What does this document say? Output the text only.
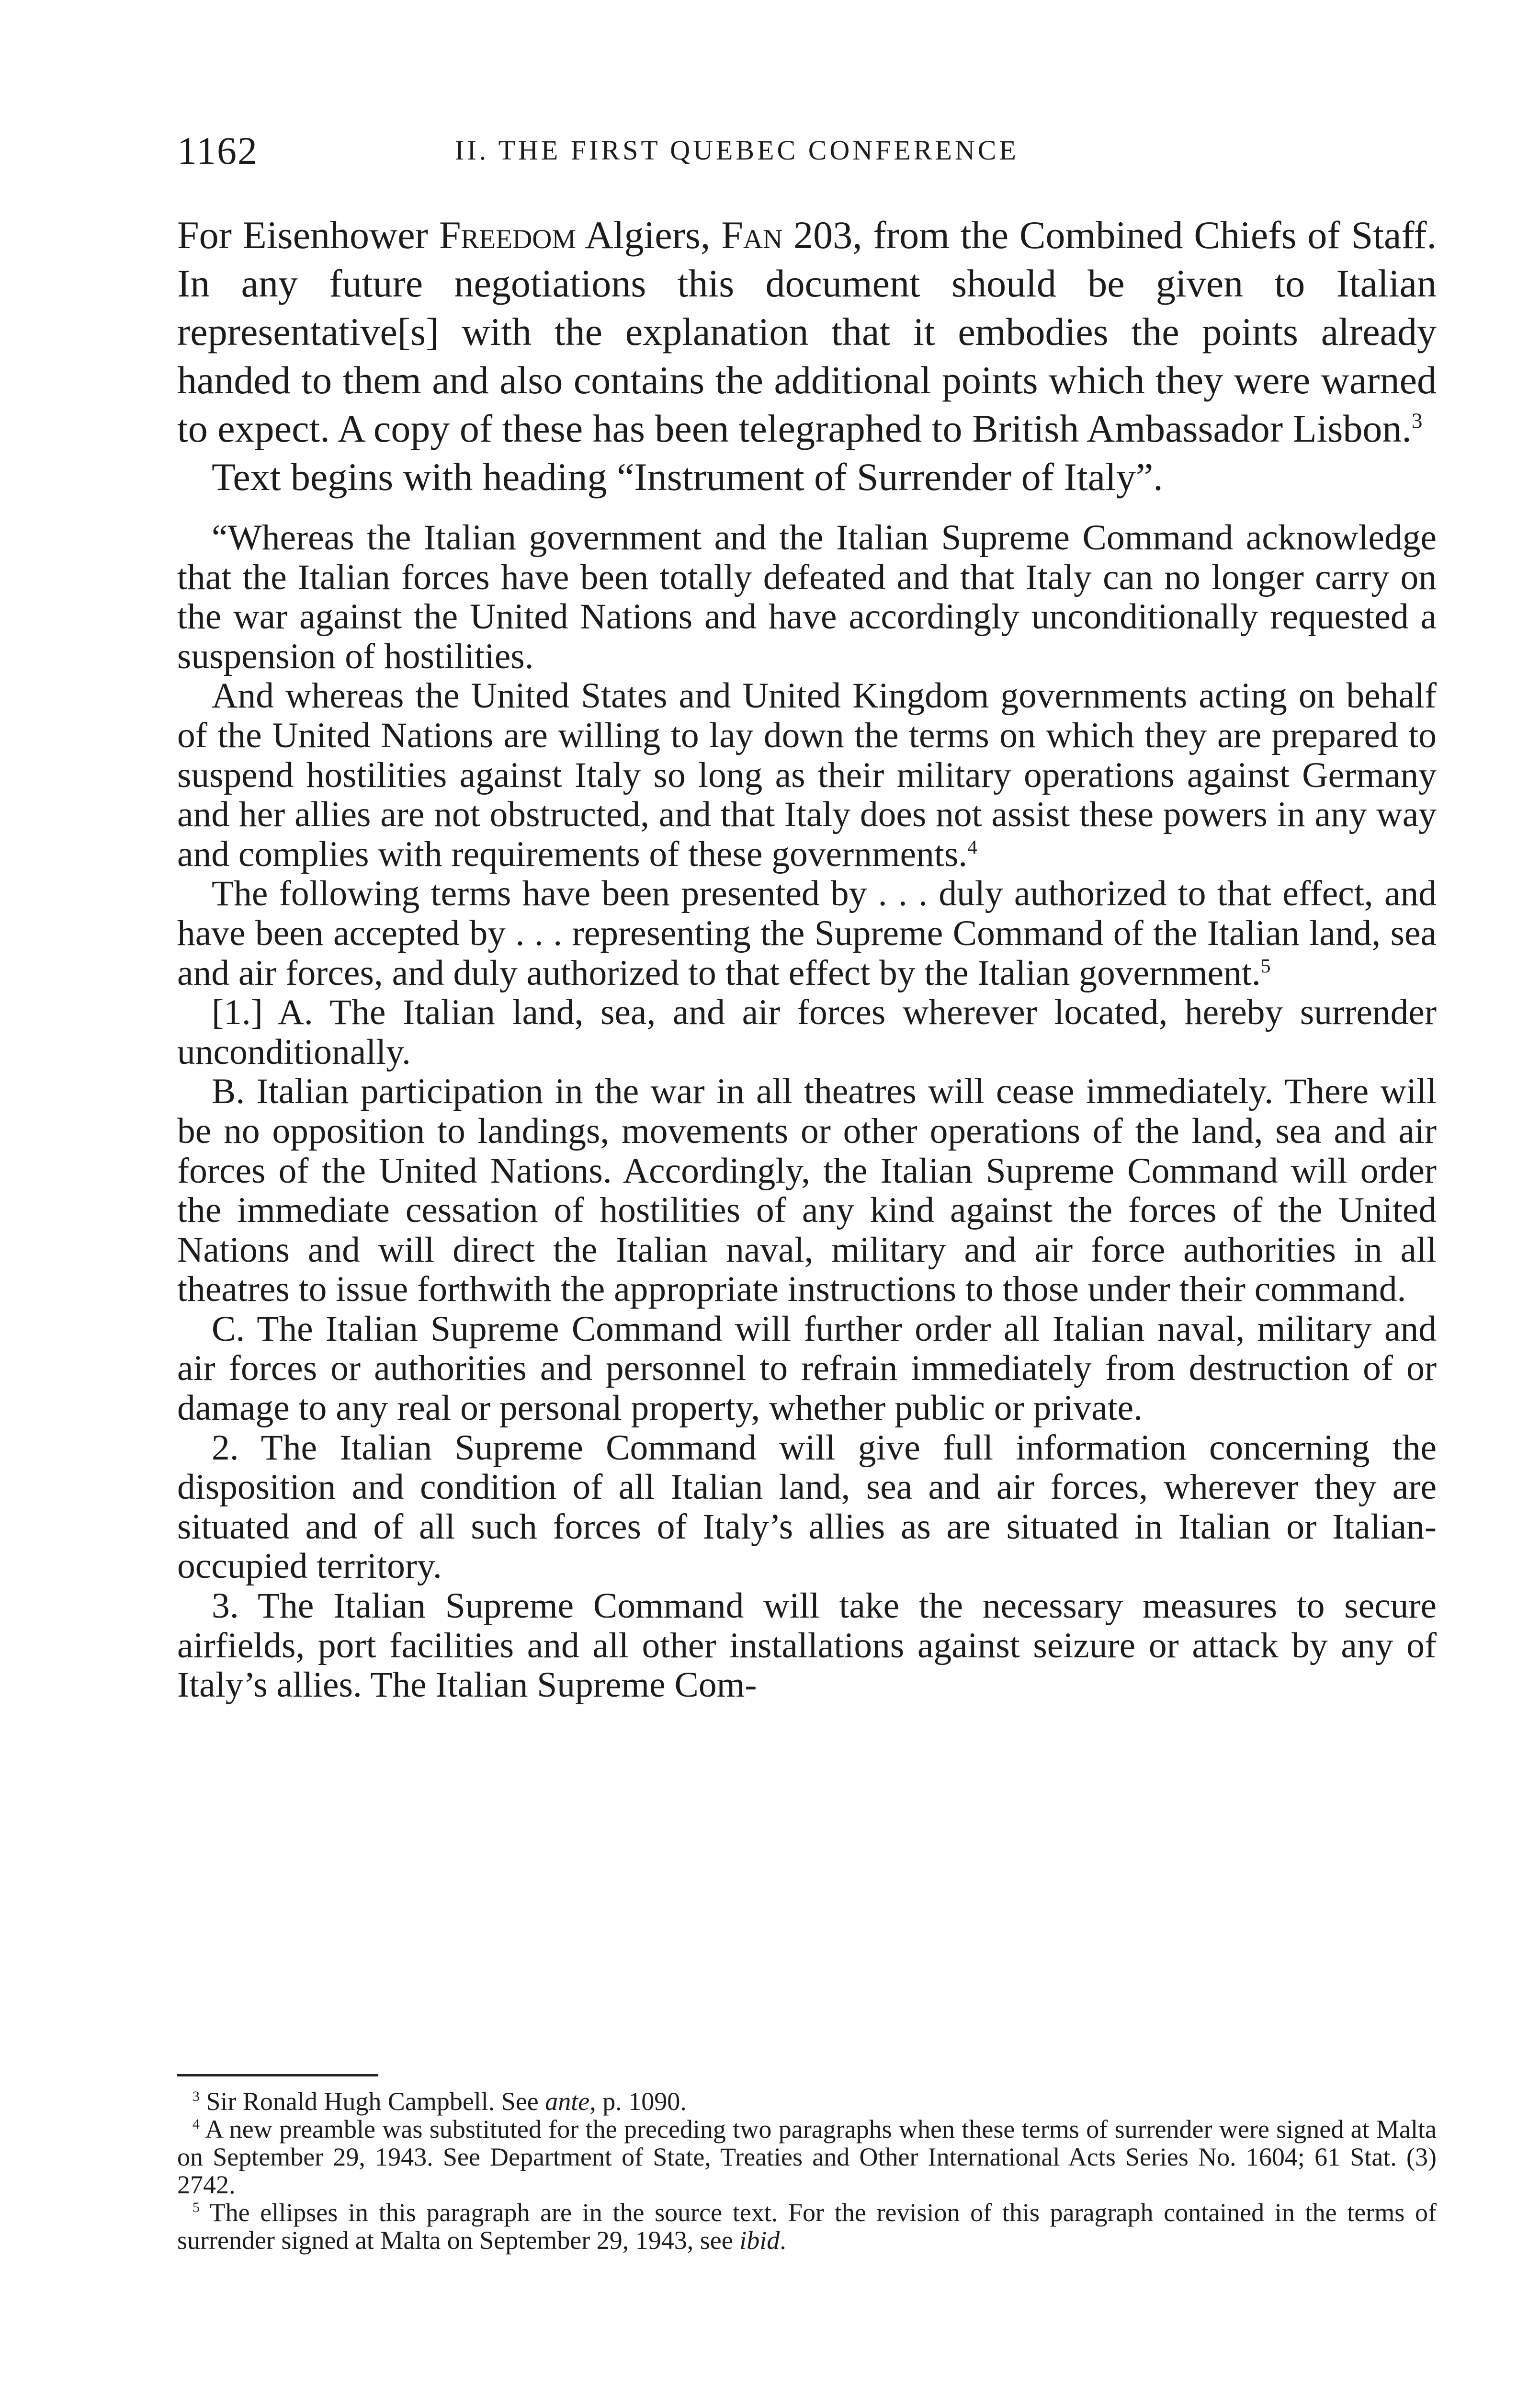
1162	II. THE FIRST QUEBEC CONFERENCE

For Eisenhower Freedom Algiers, Fan 203, from the Combined Chiefs of Staff. In any future negotiations this document should be given to Italian representative[s] with the explanation that it embodies the points already handed to them and also contains the additional points which they were warned to expect. A copy of these has been telegraphed to British Ambassador Lisbon.$^3$

Text begins with heading “Instrument of Surrender of Italy”.

“Whereas the Italian government and the Italian Supreme Command acknowledge that the Italian forces have been totally defeated and that Italy can no longer carry on the war against the United Nations and have accordingly unconditionally requested a suspension of hostilities.

And whereas the United States and United Kingdom governments acting on behalf of the United Nations are willing to lay down the terms on which they are prepared to suspend hostilities against Italy so long as their military operations against Germany and her allies are not obstructed, and that Italy does not assist these powers in any way and complies with requirements of these governments.$^4$

The following terms have been presented by . . . duly authorized to that effect, and have been accepted by . . . representing the Supreme Command of the Italian land, sea and air forces, and duly authorized to that effect by the Italian government.$^5$

[1.] A. The Italian land, sea, and air forces wherever located, hereby surrender unconditionally.

B. Italian participation in the war in all theatres will cease immediately. There will be no opposition to landings, movements or other operations of the land, sea and air forces of the United Nations. Accordingly, the Italian Supreme Command will order the immediate cessation of hostilities of any kind against the forces of the United Nations and will direct the Italian naval, military and air force authorities in all theatres to issue forthwith the appropriate instructions to those under their command.

C. The Italian Supreme Command will further order all Italian naval, military and air forces or authorities and personnel to refrain immediately from destruction of or damage to any real or personal property, whether public or private.

2. The Italian Supreme Command will give full information concerning the disposition and condition of all Italian land, sea and air forces, wherever they are situated and of all such forces of Italy’s allies as are situated in Italian or Italian-occupied territory.

3. The Italian Supreme Command will take the necessary measures to secure airfields, port facilities and all other installations against seizure or attack by any of Italy’s allies. The Italian Supreme Com-

$^3$ Sir Ronald Hugh Campbell. See ante, p. 1090.

$^4$ A new preamble was substituted for the preceding two paragraphs when these terms of surrender were signed at Malta on September 29, 1943. See Department of State, Treaties and Other International Acts Series No. 1604; 61 Stat. (3) 2742.

$^5$ The ellipses in this paragraph are in the source text. For the revision of this paragraph contained in the terms of surrender signed at Malta on September 29, 1943, see ibid.
